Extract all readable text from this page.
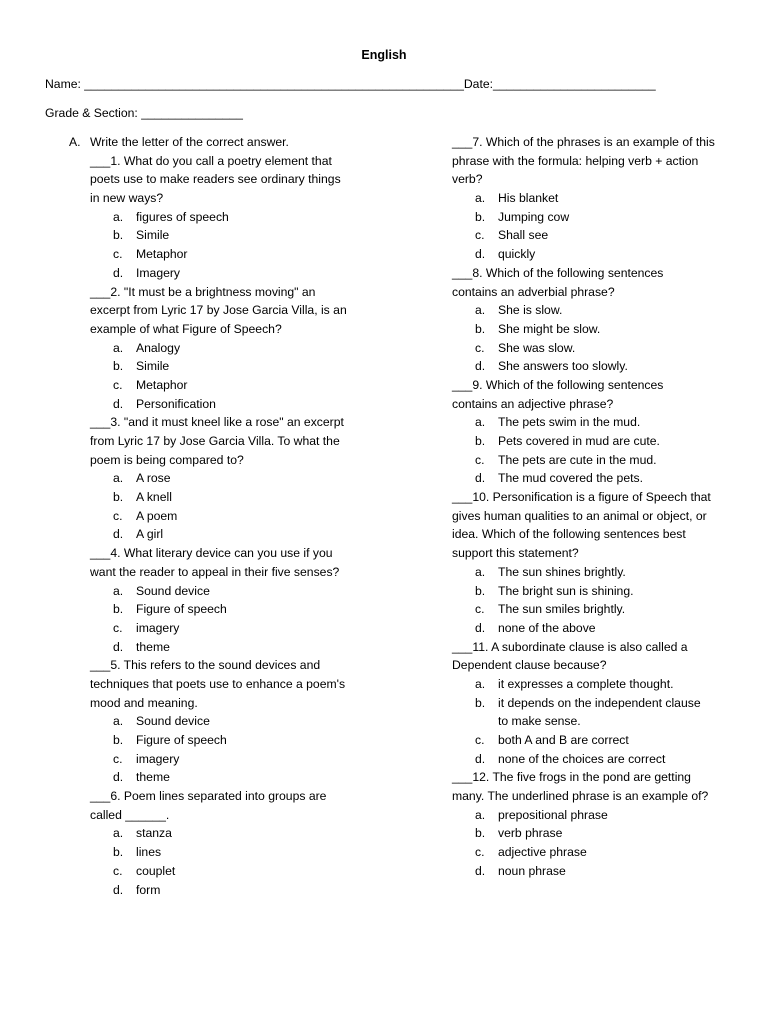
English
Name: ________________________________________________________Date:________________________
Grade & Section: _______________
A. Write the letter of the correct answer.
___1. What do you call a poetry element that
poets use to make readers see ordinary things
in new ways?
a. figures of speech
b. Simile
c. Metaphor
d. Imagery
___2. "It must be a brightness moving" an
excerpt from Lyric 17 by Jose Garcia Villa, is an
example of what Figure of Speech?
a. Analogy
b. Simile
c. Metaphor
d. Personification
___3. "and it must kneel like a rose" an excerpt
from Lyric 17 by Jose Garcia Villa. To what the
poem is being compared to?
a. A rose
b. A knell
c. A poem
d. A girl
___4. What literary device can you use if you
want the reader to appeal in their five senses?
a. Sound device
b. Figure of speech
c. imagery
d. theme
___5. This refers to the sound devices and
techniques that poets use to enhance a poem's
mood and meaning.
a. Sound device
b. Figure of speech
c. imagery
d. theme
___6. Poem lines separated into groups are
called ______.
a. stanza
b. lines
c. couplet
d. form
___7. Which of the phrases is an example of this
phrase with the formula: helping verb + action
verb?
a. His blanket
b. Jumping cow
c. Shall see
d. quickly
___8. Which of the following sentences
contains an adverbial phrase?
a. She is slow.
b. She might be slow.
c. She was slow.
d. She answers too slowly.
___9. Which of the following sentences
contains an adjective phrase?
a. The pets swim in the mud.
b. Pets covered in mud are cute.
c. The pets are cute in the mud.
d. The mud covered the pets.
___10. Personification is a figure of Speech that
gives human qualities to an animal or object, or
idea. Which of the following sentences best
support this statement?
a. The sun shines brightly.
b. The bright sun is shining.
c. The sun smiles brightly.
d. none of the above
___11. A subordinate clause is also called a
Dependent clause because?
a. it expresses a complete thought.
b. it depends on the independent clause
to make sense.
c. both A and B are correct
d. none of the choices are correct
___12. The five frogs in the pond are getting
many. The underlined phrase is an example of?
a. prepositional phrase
b. verb phrase
c. adjective phrase
d. noun phrase
